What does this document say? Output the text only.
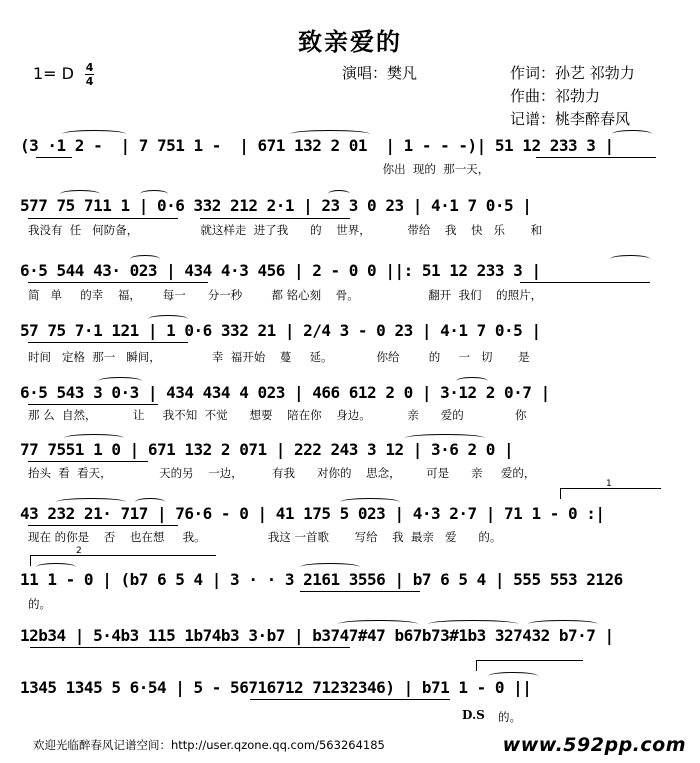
致亲爱的
1= D $\frac{4}{4}$	演唱：樊凡	作词：孙艺 祁勃力
作曲：祁勃力
记谱：桃李醉春风
(3 ·1 2 -  | 7 751 1 -  | 671 132 2 01  | 1 - - -)| 51 12 233 3 |
你出  现的  那一天，
577 75 711 1 | 0·6 332 212 2·1 | 23 3 0 23 | 4·1 7 0·5 |
我没有  任   何防备，                 就这样走  进了我      的    世界，          带给    我    快   乐       和
6·5 544 43· 023 | 434 4·3 456 | 2 - 0 0 ||: 51 12 233 3 |
简   单     的幸    福，      每一      分一秒        都 铭心刻    骨。                   翻开  我们    的照片，
57 75 7·1 121 | 1 0·6 332 21 | 2/4 3 - 0 23 | 4·1 7 0·5 |
时间   定格  那一   瞬间，              幸  福开始    蔓     延。            你给        的     一   切       是
6·5 543 3 0·3 | 434 434 4 023 | 466 612 2 0 | 3·12 2 0·7 |
那 么  自然，          让     我不知  不觉      想要    陪在你    身边。          亲      爱的              你
77 7551 1 0 | 671 132 2 071 | 222 243 3 12 | 3·6 2 0 |
抬头  看  看天，             天的另    一边，        有我      对你的    思念，       可是      亲     爱的，
43 232 21· 717 | 76·6 - 0 | 41 175 5 023 | 4·3 2·7 | 71 1 - 0 :|
现在 的你是    否    也在想     我。                 我这 一首歌       写给    我  最亲   爱      的。
11 1 - 0 | (b7 6 5 4 | 3 · · 3 2161 3556 | b7 6 5 4 | 555 553 2126
的。
12b34 | 5·4b3 115 1b74b3 3·b7 | b3747#47 b67b73#1b3 327432 b7·7 |
1345 1345 5 6·54 | 5 - 56716712 71232346) | b71 1 - 0 ||
1
2
D.S 的。
欢迎光临醉春风记谱空间：http://user.qzone.qq.com/563264185	www.592pp.com
